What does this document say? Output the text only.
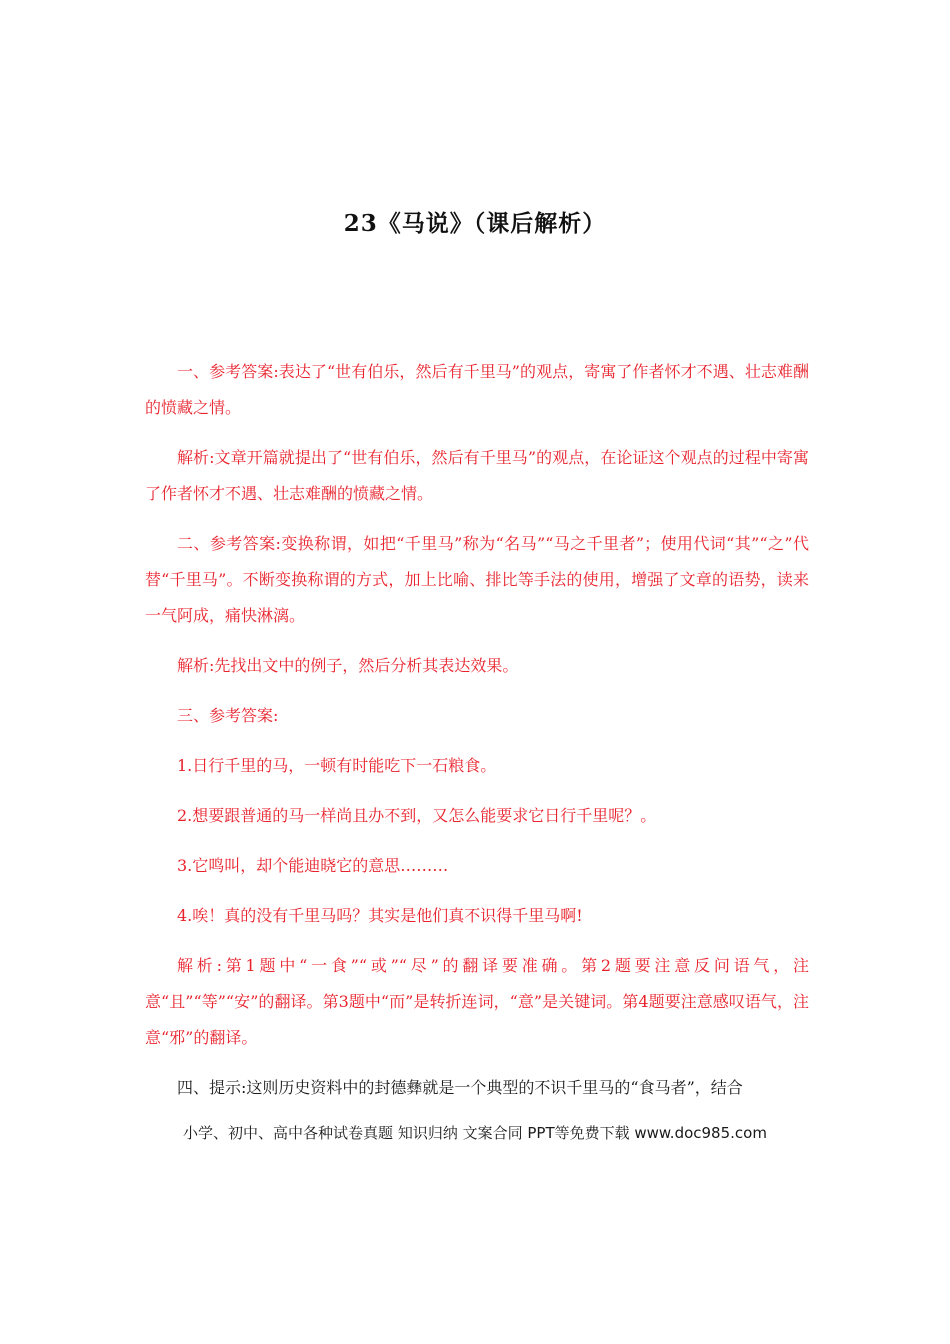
23《马说》（课后解析）

一、参考答案:表达了“世有伯乐，然后有千里马”的观点，寄寓了作者怀才不遇、壮志难酬的愤藏之情。

解析:文章开篇就提出了“世有伯乐，然后有千里马”的观点，在论证这个观点的过程中寄寓了作者怀才不遇、壮志难酬的愤藏之情。

二、参考答案:变换称谓，如把“千里马”称为“名马”“马之千里者”；使用代词“其”“之”代替“千里马”。不断变换称谓的方式，加上比喻、排比等手法的使用，增强了文章的语势，读来一气阿成，痛快淋漓。

解析:先找出文中的例子，然后分析其表达效果。

三、参考答案:

1.日行千里的马，一顿有时能吃下一石粮食。

2.想要跟普通的马一样尚且办不到，又怎么能要求它日行千里呢？。

3.它鸣叫，却个能迪晓它的意思………

4.唉！真的没有千里马吗？其实是他们真不识得千里马啊!

解析:第1题中“一食”“或”“尽”的翻译要准确。第2题要注意反问语气，注意“且”“等”“安”的翻译。第3题中“而”是转折连词，“意”是关键词。第4题要注意感叹语气，注意“邪”的翻译。

四、提示:这则历史资料中的封德彝就是一个典型的不识千里马的“食马者”，结合

小学、初中、高中各种试卷真题 知识归纳 文案合同 PPT等免费下载 www.doc985.com
